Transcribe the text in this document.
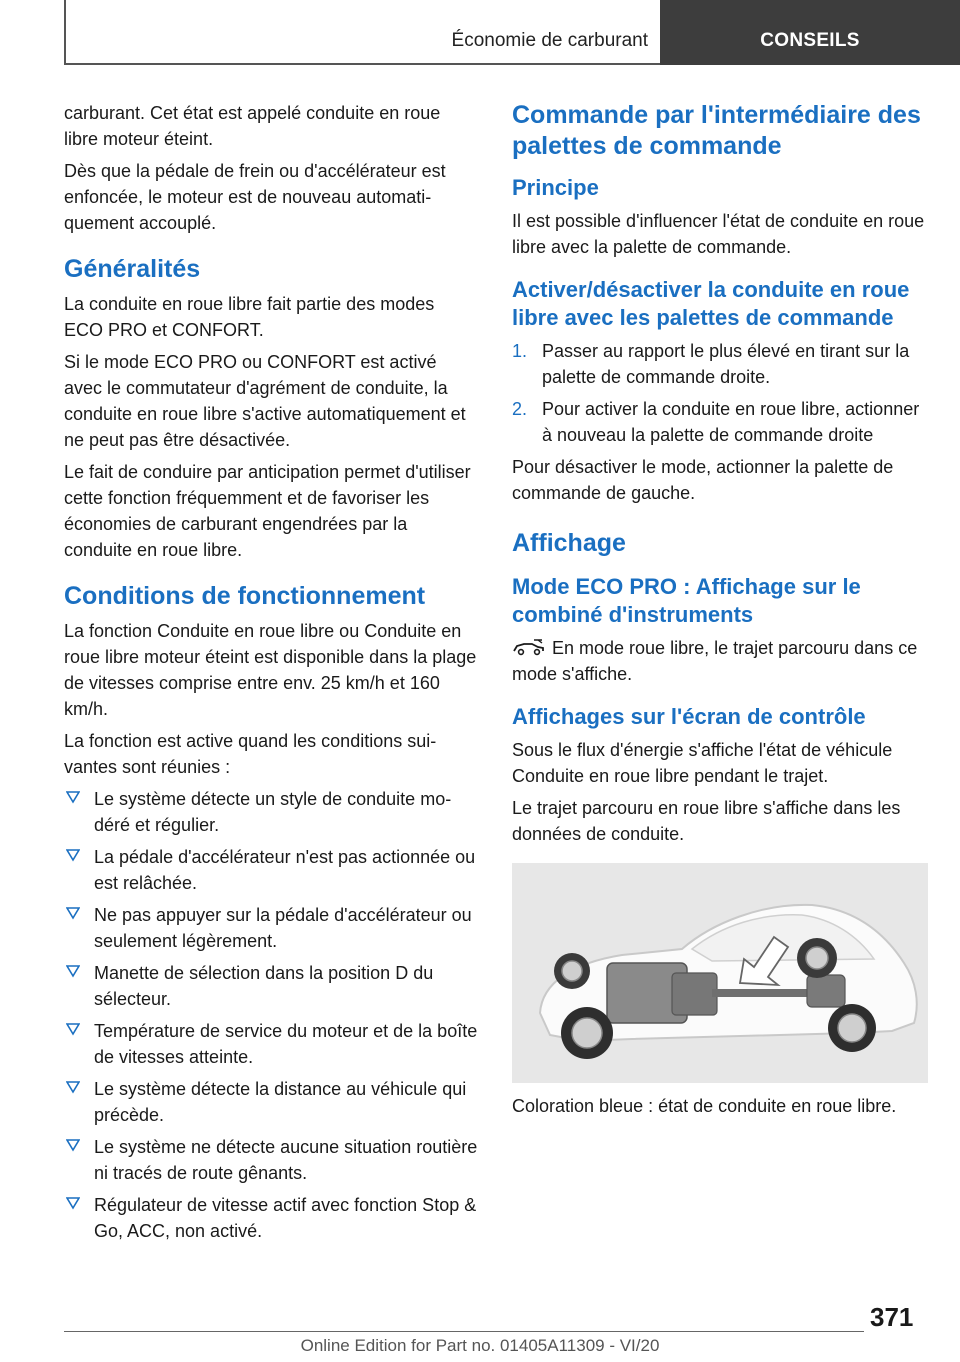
Économie de carburant	CONSEILS

carburant. Cet état est appelé conduite en roue libre moteur éteint.

Dès que la pédale de frein ou d'accélérateur est enfoncée, le moteur est de nouveau automatiquement accouplé.

Généralités

La conduite en roue libre fait partie des modes ECO PRO et CONFORT.

Si le mode ECO PRO ou CONFORT est activé avec le commutateur d'agrément de conduite, la conduite en roue libre s'active automatiquement et ne peut pas être désactivée.

Le fait de conduire par anticipation permet d'utiliser cette fonction fréquemment et de favoriser les économies de carburant engendrées par la conduite en roue libre.

Conditions de fonctionnement

La fonction Conduite en roue libre ou Conduite en roue libre moteur éteint est disponible dans la plage de vitesses comprise entre env. 25 km/h et 160 km/h.

La fonction est active quand les conditions suivantes sont réunies :

Le système détecte un style de conduite modéré et régulier.
La pédale d'accélérateur n'est pas actionnée ou est relâchée.
Ne pas appuyer sur la pédale d'accélérateur ou seulement légèrement.
Manette de sélection dans la position D du sélecteur.
Température de service du moteur et de la boîte de vitesses atteinte.
Le système détecte la distance au véhicule qui précède.
Le système ne détecte aucune situation routière ni tracés de route gênants.
Régulateur de vitesse actif avec fonction Stop & Go, ACC, non activé.
Commande par l'intermédiaire des palettes de commande
Principe

Il est possible d'influencer l'état de conduite en roue libre avec la palette de commande.

Activer/désactiver la conduite en roue libre avec les palettes de commande
1. Passer au rapport le plus élevé en tirant sur la palette de commande droite.
2. Pour activer la conduite en roue libre, actionner à nouveau la palette de commande droite

Pour désactiver le mode, actionner la palette de commande de gauche.

Affichage
Mode ECO PRO : Affichage sur le combiné d'instruments

En mode roue libre, le trajet parcouru dans ce mode s'affiche.

Affichages sur l'écran de contrôle

Sous le flux d'énergie s'affiche l'état de véhicule Conduite en roue libre pendant le trajet.

Le trajet parcouru en roue libre s'affiche dans les données de conduite.

Coloration bleue : état de conduite en roue libre.

371
Online Edition for Part no. 01405A11309 - VI/20
